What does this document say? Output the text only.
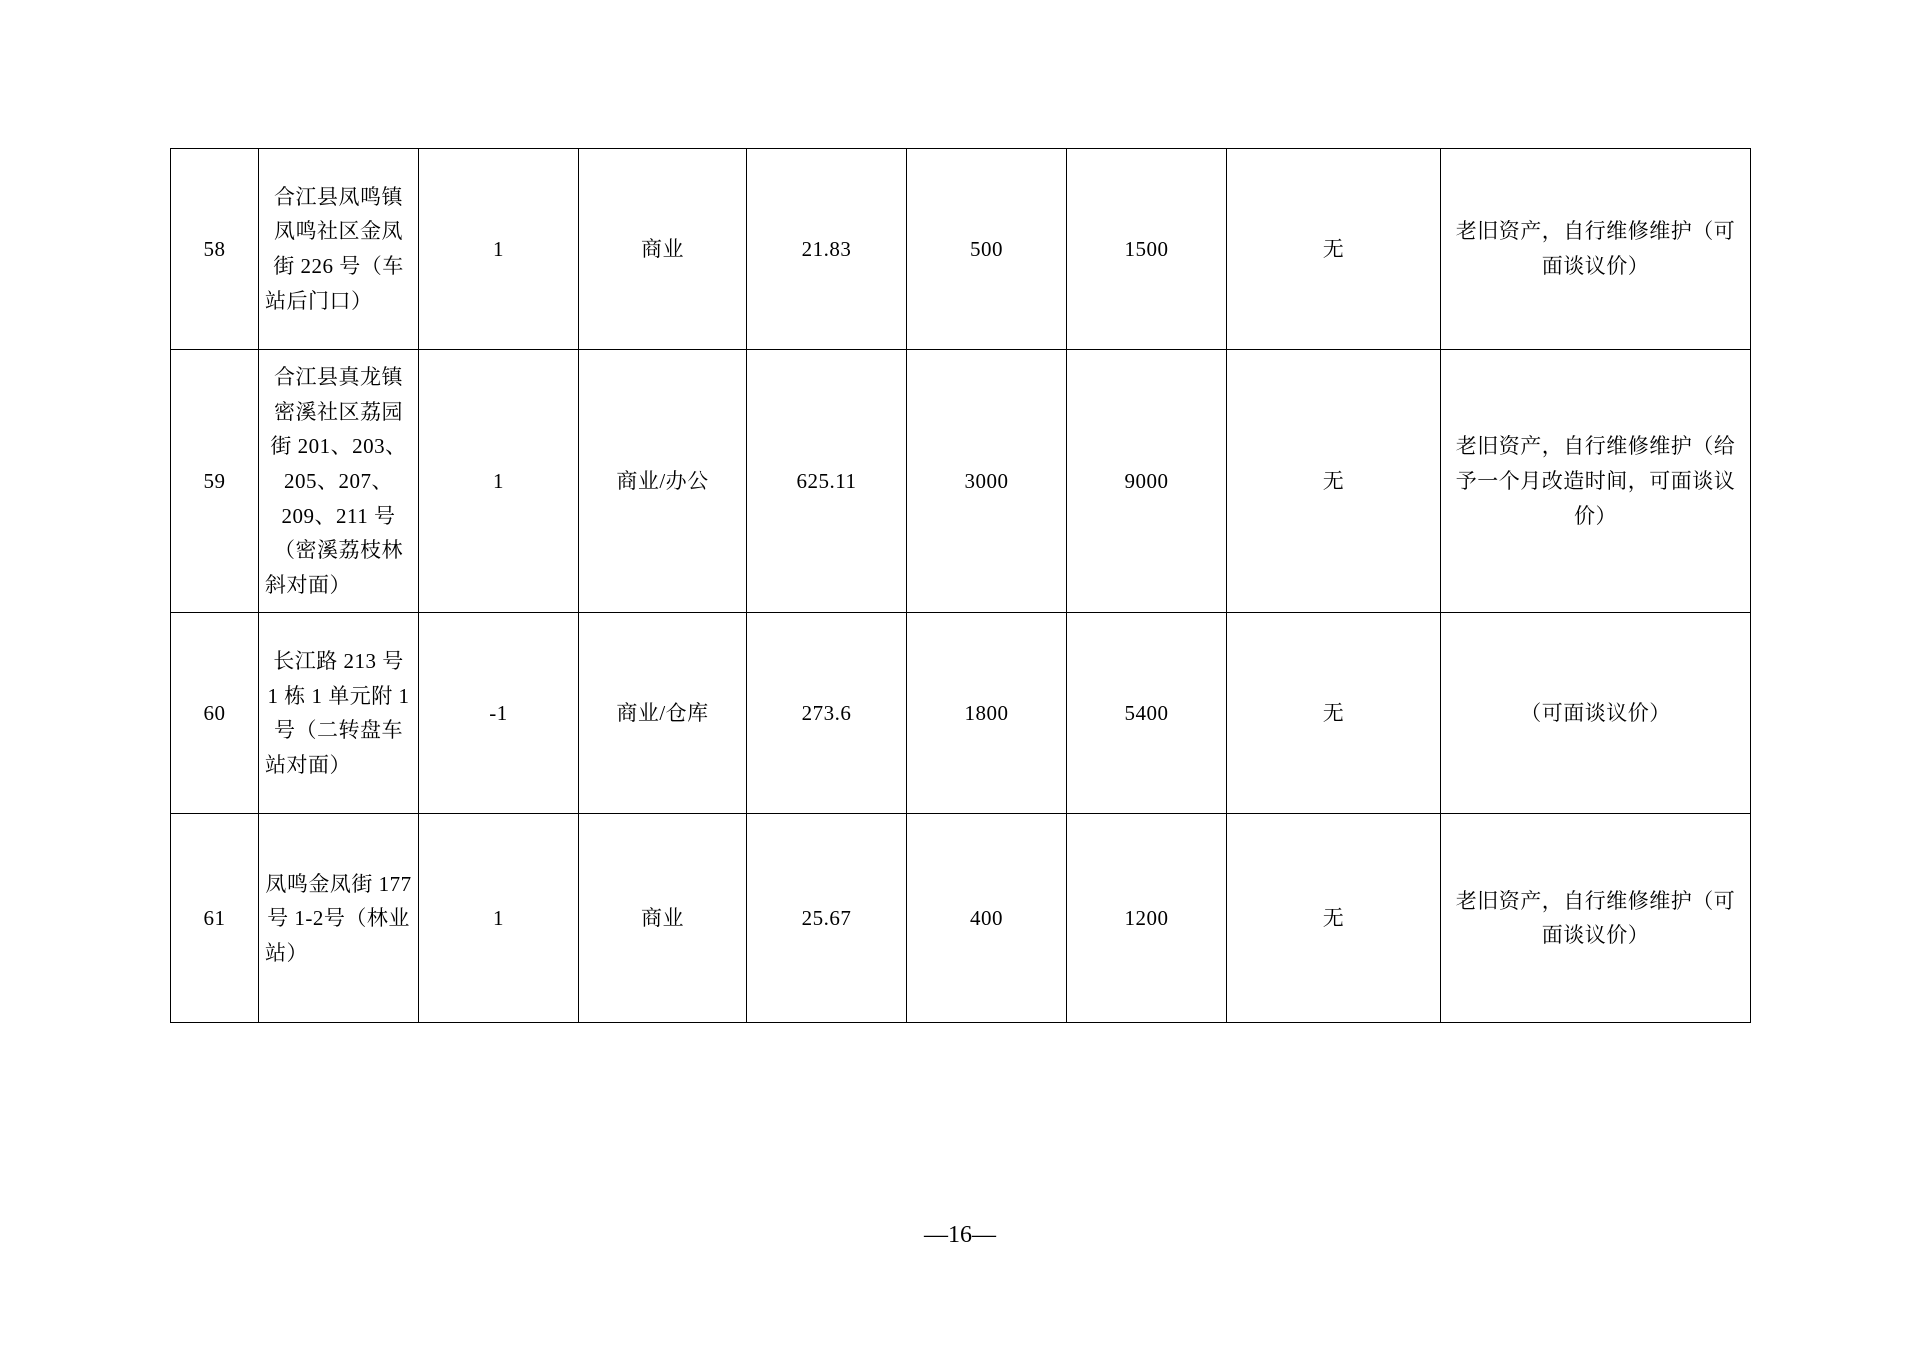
58	合江县凤鸣镇凤鸣社区金凤街 226 号（车站后门口）	1	商业	21.83	500	1500	无	老旧资产，自行维修维护（可面谈议价）
59	合江县真龙镇密溪社区荔园街 201、203、205、207、209、211 号（密溪荔枝林斜对面）	1	商业/办公	625.11	3000	9000	无	老旧资产，自行维修维护（给予一个月改造时间，可面谈议价）
60	长江路 213 号 1 栋 1 单元附 1 号（二转盘车站对面）	-1	商业/仓库	273.6	1800	5400	无	（可面谈议价）
61	凤鸣金凤街 177号 1-2号（林业站）	1	商业	25.67	400	1200	无	老旧资产，自行维修维护（可面谈议价）
—16—
